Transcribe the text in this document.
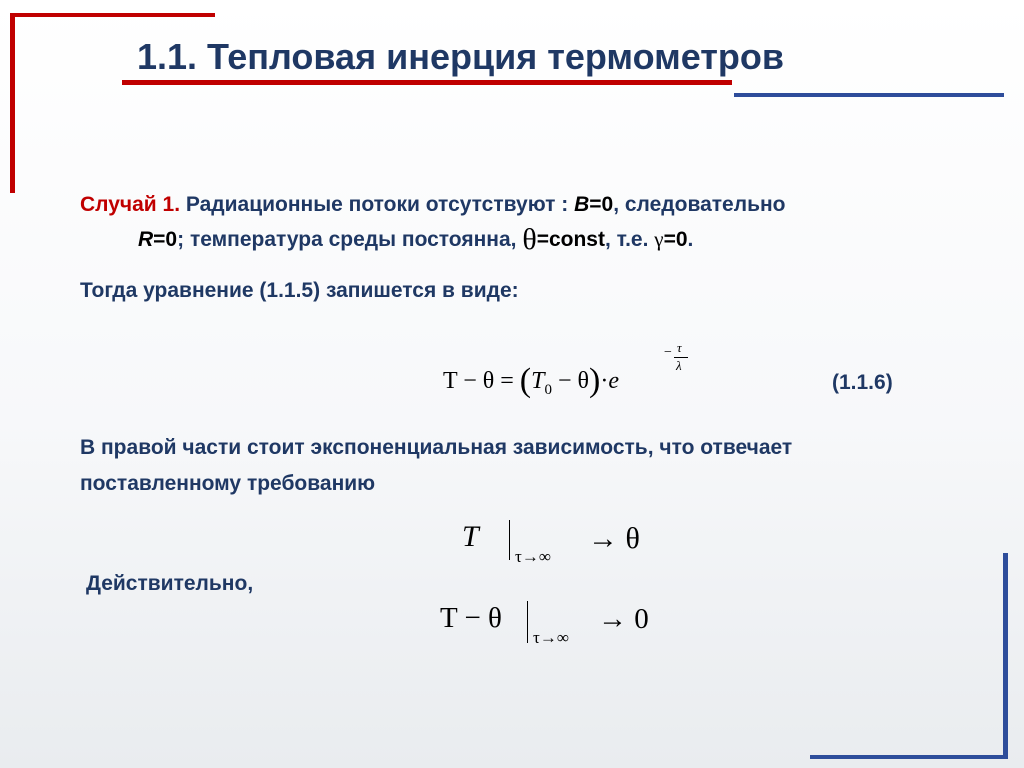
1.1. Тепловая инерция термометров
Случай 1. Радиационные потоки отсутствуют : B=0, следовательно
R=0; температура среды постоянна, θ=const, т.е. γ=0.
Тогда уравнение (1.1.5) запишется в виде:
$T - \theta = (T_0 - \theta)\cdot e$
− τ
λ
(1.1.6)
В правой части стоит экспоненциальная зависимость, что отвечает
поставленному требованию
T
τ→∞
→ θ
Действительно,
T − θ
τ→∞
→ 0
